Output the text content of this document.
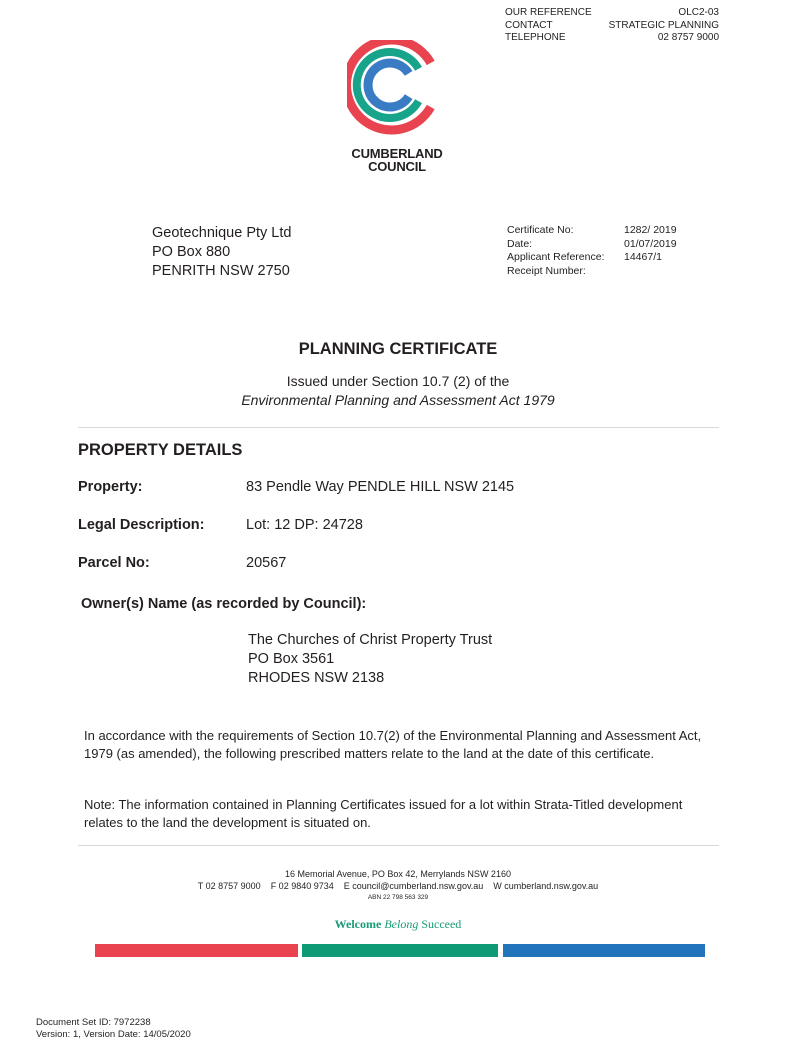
OUR REFERENCE	OLC2-03
CONTACT	STRATEGIC PLANNING
TELEPHONE	02 8757 9000
CUMBERLAND
COUNCIL
Geotechnique Pty Ltd
PO Box 880
PENRITH NSW 2750
Certificate No:	1282/ 2019
Date:	01/07/2019
Applicant Reference:	14467/1
Receipt Number:
PLANNING CERTIFICATE
Issued under Section 10.7 (2) of the
Environmental Planning and Assessment Act 1979
PROPERTY DETAILS
Property:	83 Pendle Way PENDLE HILL NSW 2145
Legal Description:	Lot: 12 DP: 24728
Parcel No:	20567
Owner(s) Name (as recorded by Council):
The Churches of Christ Property Trust
PO Box 3561
RHODES NSW 2138
In accordance with the requirements of Section 10.7(2) of the Environmental Planning and Assessment Act, 1979 (as amended), the following prescribed matters relate to the land at the date of this certificate.
Note: The information contained in Planning Certificates issued for a lot within Strata-Titled development relates to the land the development is situated on.
16 Memorial Avenue, PO Box 42, Merrylands NSW 2160
T 02 8757 9000    F 02 9840 9734    E council@cumberland.nsw.gov.au    W cumberland.nsw.gov.au
ABN 22 798 563 329
Welcome Belong Succeed
Document Set ID: 7972238
Version: 1, Version Date: 14/05/2020
